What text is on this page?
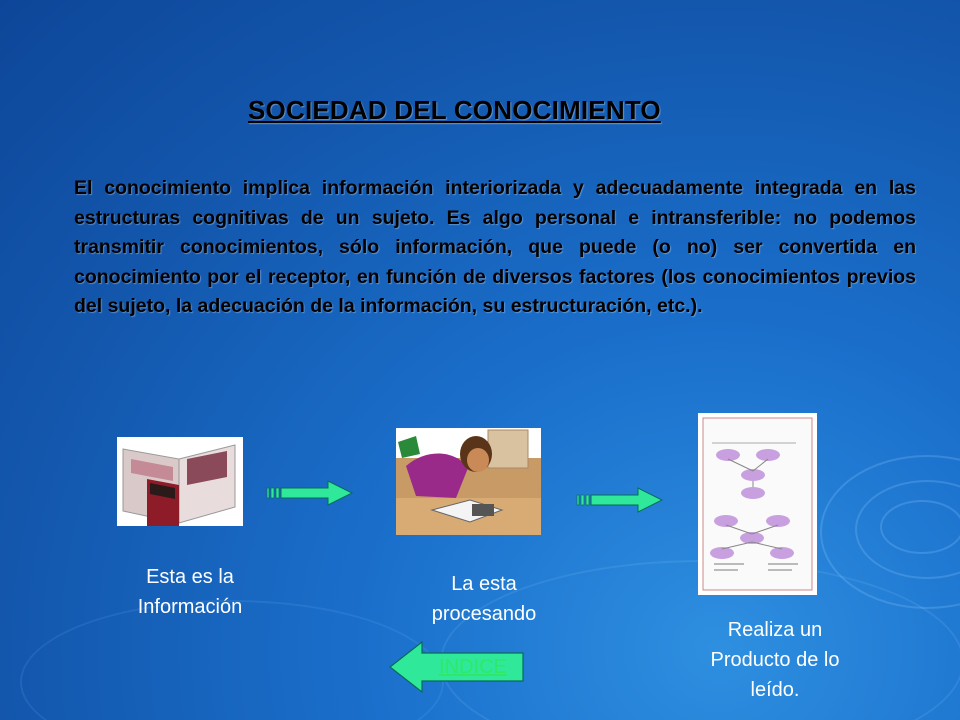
SOCIEDAD DEL CONOCIMIENTO
El conocimiento implica información interiorizada y adecuadamente integrada en las estructuras cognitivas de un sujeto. Es algo personal e intransferible: no podemos transmitir conocimientos, sólo información, que puede (o no) ser convertida en conocimiento por el receptor, en función de diversos factores (los conocimientos previos del sujeto, la adecuación de la información, su estructuración, etc.).
Esta es la
Información
La esta
procesando
Realiza un
Producto de lo
leído.
INDICE
